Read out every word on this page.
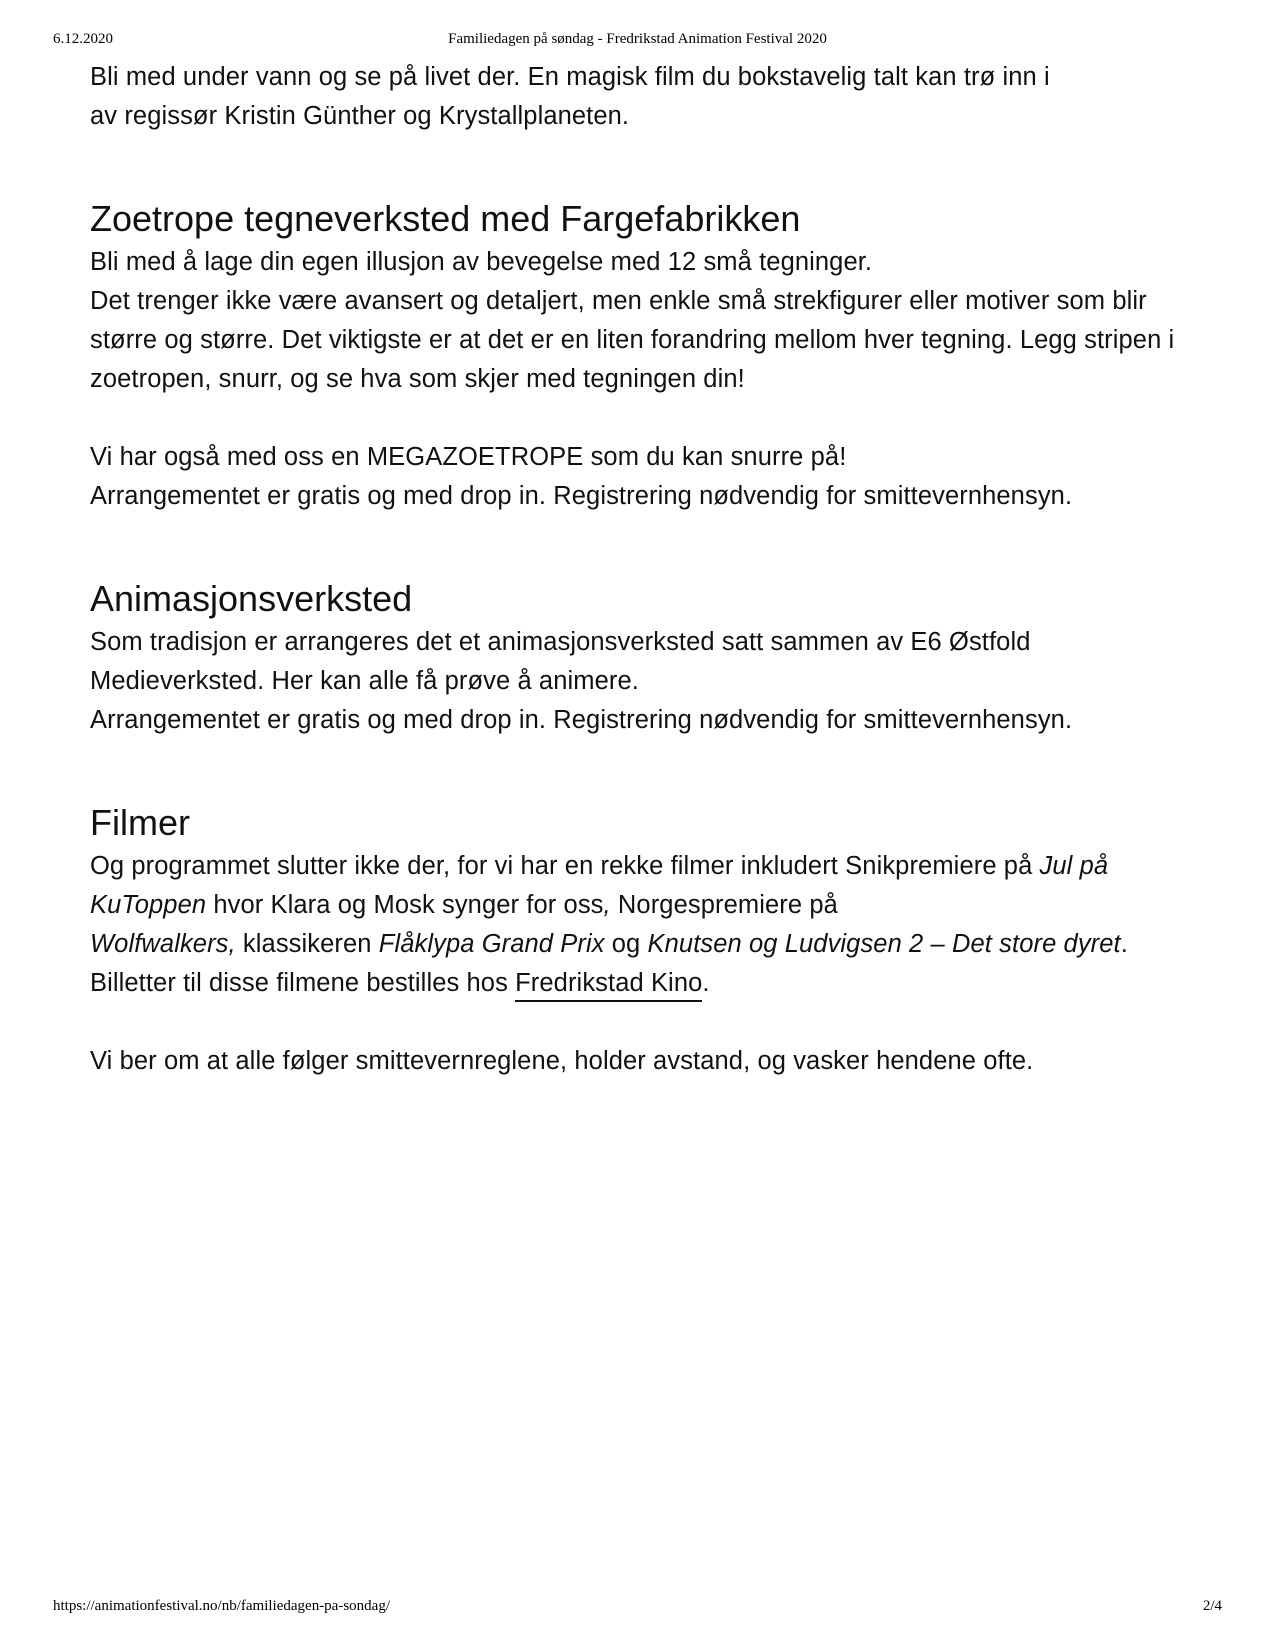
6.12.2020	Familiedagen på søndag - Fredrikstad Animation Festival 2020

Bli med under vann og se på livet der. En magisk film du bokstavelig talt kan trø inn i
av regissør Kristin Günther og Krystallplaneten.

Zoetrope tegneverksted med Fargefabrikken

Bli med å lage din egen illusjon av bevegelse med 12 små tegninger.
Det trenger ikke være avansert og detaljert, men enkle små strekfigurer eller motiver som blir større og større. Det viktigste er at det er en liten forandring mellom hver tegning. Legg stripen i zoetropen, snurr, og se hva som skjer med tegningen din!

Vi har også med oss en MEGAZOETROPE som du kan snurre på!
Arrangementet er gratis og med drop in. Registrering nødvendig for smittevernhensyn.

Animasjonsverksted

Som tradisjon er arrangeres det et animasjonsverksted satt sammen av E6 Østfold Medieverksted. Her kan alle få prøve å animere.
Arrangementet er gratis og med drop in. Registrering nødvendig for smittevernhensyn.

Filmer

Og programmet slutter ikke der, for vi har en rekke filmer inkludert Snikpremiere på Jul på KuToppen hvor Klara og Mosk synger for oss, Norgespremiere på
Wolfwalkers, klassikeren Flåklypa Grand Prix og Knutsen og Ludvigsen 2 – Det store dyret. Billetter til disse filmene bestilles hos Fredrikstad Kino.

Vi ber om at alle følger smittevernreglene, holder avstand, og vasker hendene ofte.

https://animationfestival.no/nb/familiedagen-pa-sondag/	2/4
